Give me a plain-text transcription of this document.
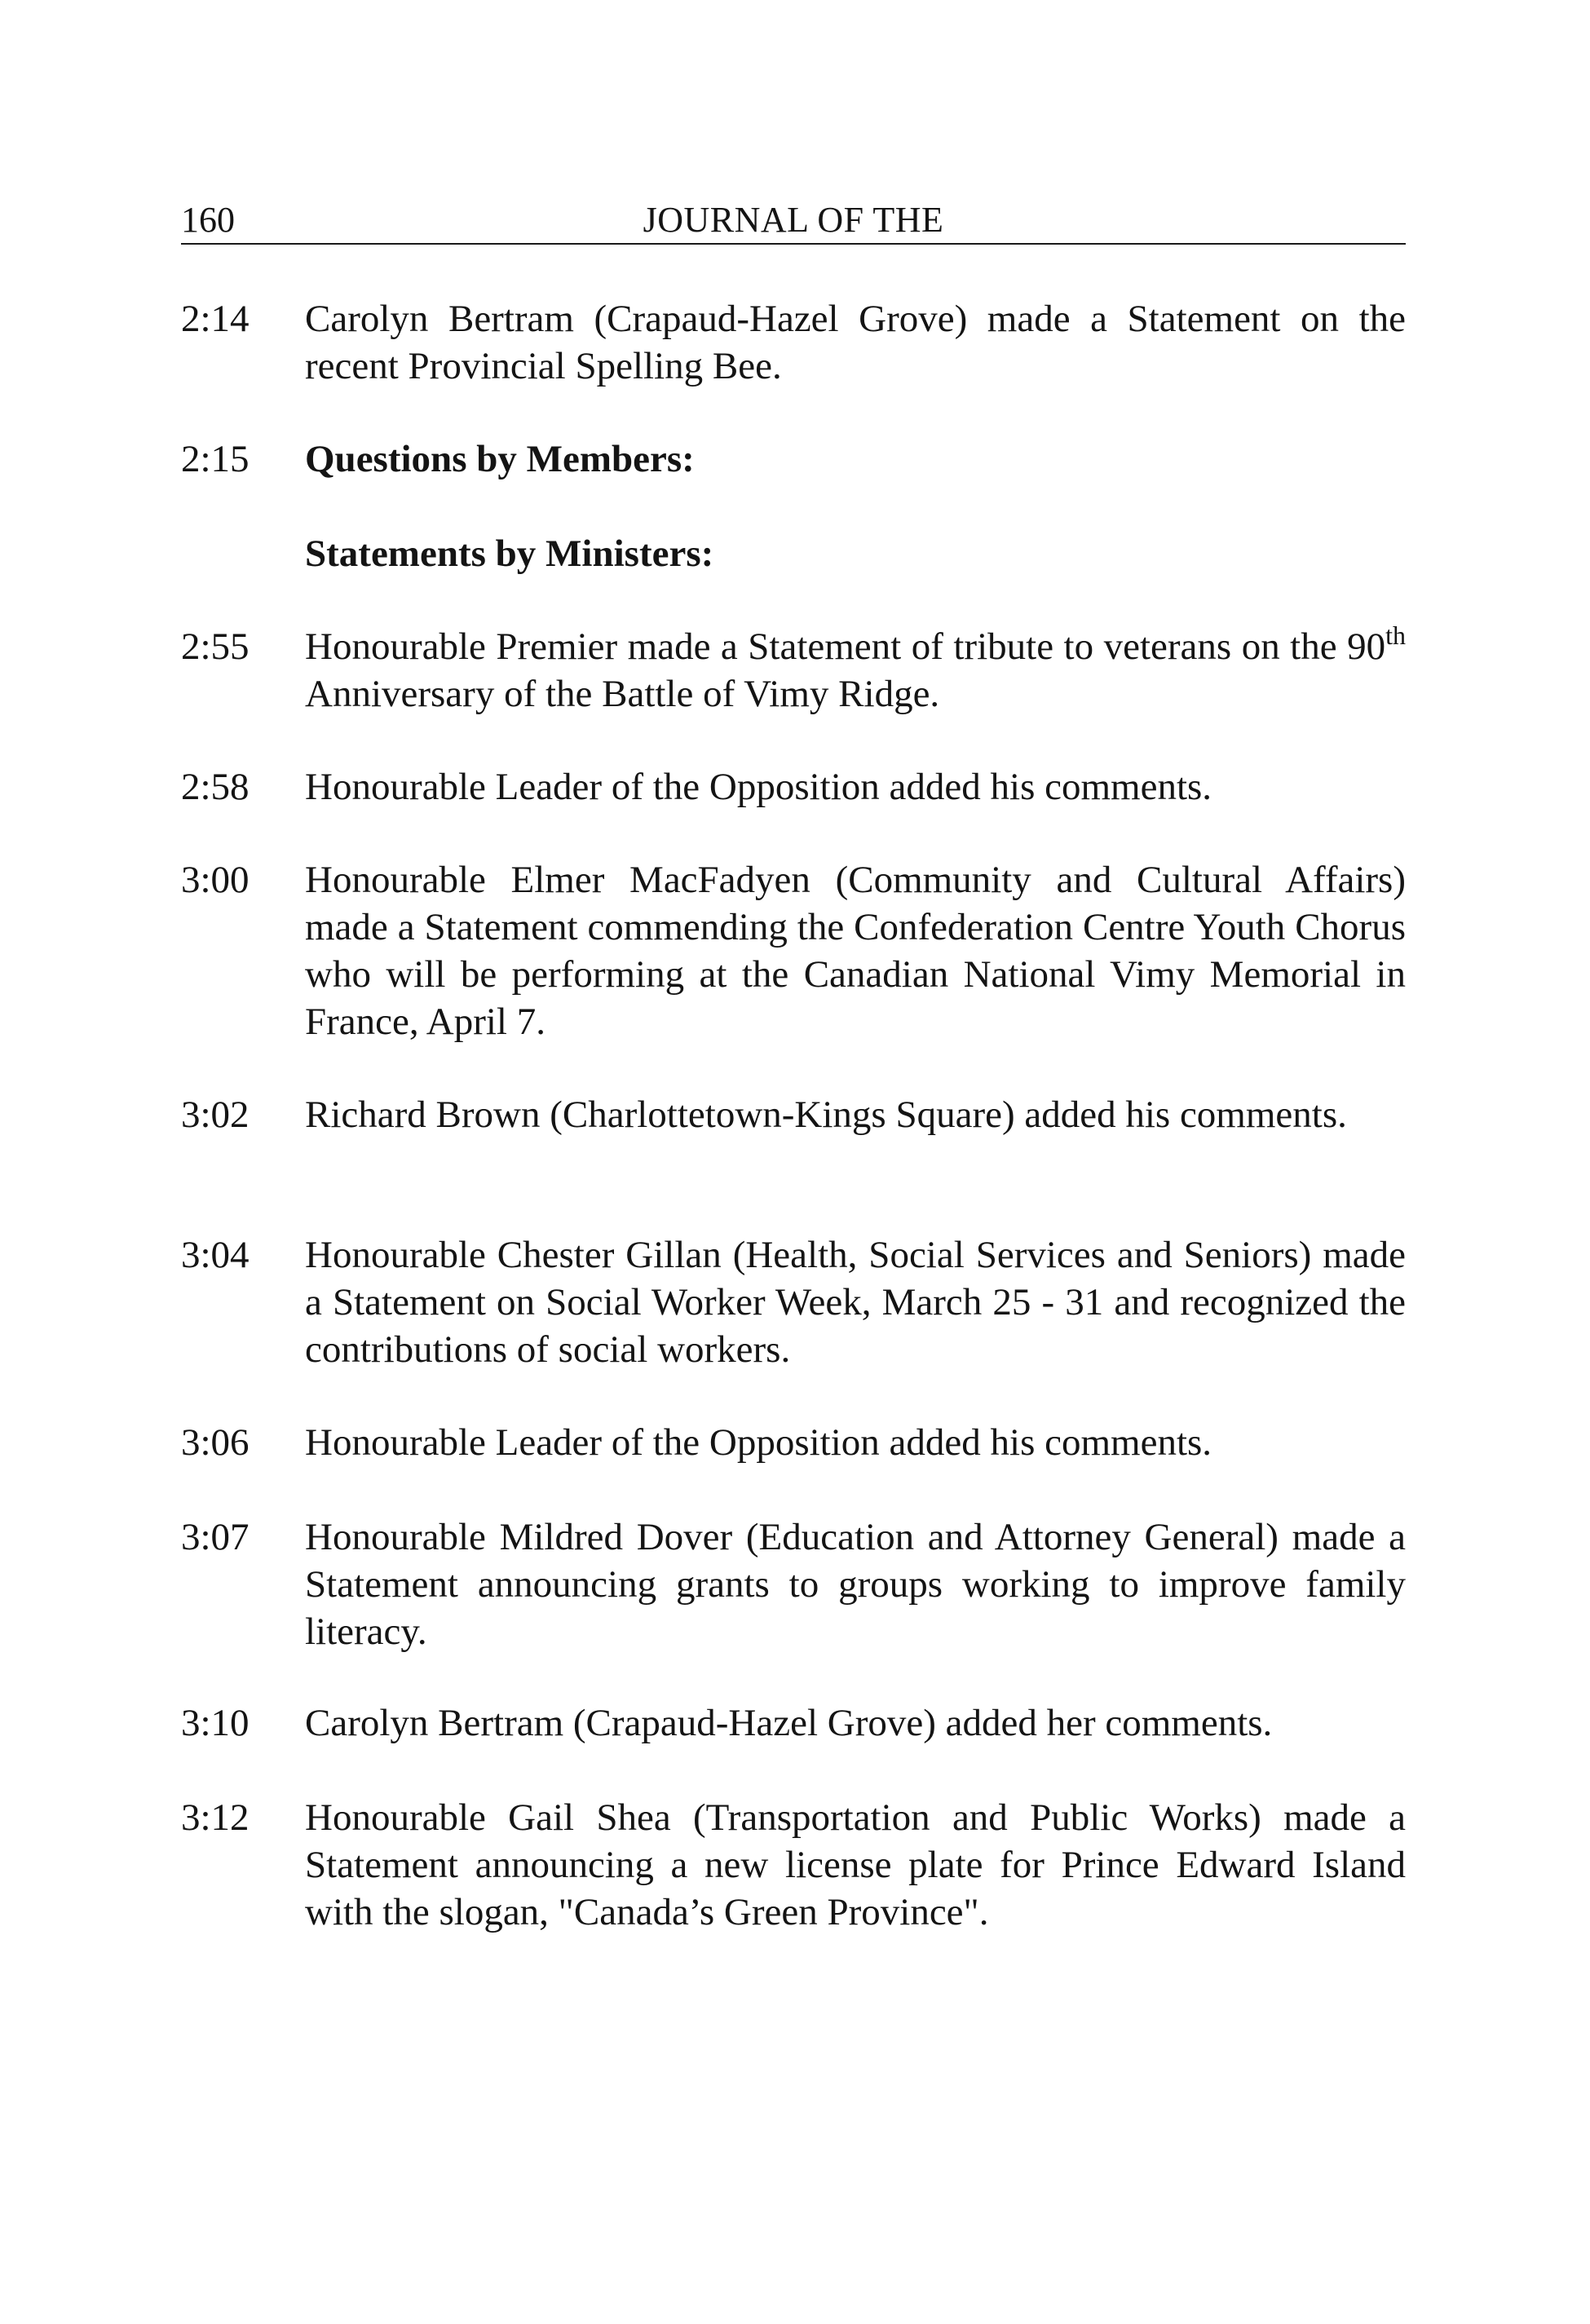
160	JOURNAL OF THE
2:14	Carolyn Bertram (Crapaud-Hazel Grove) made a Statement on the recent Provincial Spelling Bee.
2:15	Questions by Members:
Statements by Ministers:
2:55	Honourable Premier made a Statement of tribute to veterans on the 90th Anniversary of the Battle of Vimy Ridge.
2:58	Honourable Leader of the Opposition added his comments.
3:00	Honourable Elmer MacFadyen (Community and Cultural Affairs) made a Statement commending the Confederation Centre Youth Chorus who will be performing at the Canadian National Vimy Memorial in France, April 7.
3:02	Richard Brown (Charlottetown-Kings Square) added his comments.
3:04	Honourable Chester Gillan (Health, Social Services and Seniors) made a Statement on Social Worker Week, March 25 - 31 and recognized the contributions of social workers.
3:06	Honourable Leader of the Opposition added his comments.
3:07	Honourable Mildred Dover (Education and Attorney General) made a Statement announcing grants to groups working to improve family literacy.
3:10	Carolyn Bertram (Crapaud-Hazel Grove) added her comments.
3:12	Honourable Gail Shea (Transportation and Public Works) made a Statement announcing a new license plate for Prince Edward Island with the slogan, "Canada’s Green Province".
